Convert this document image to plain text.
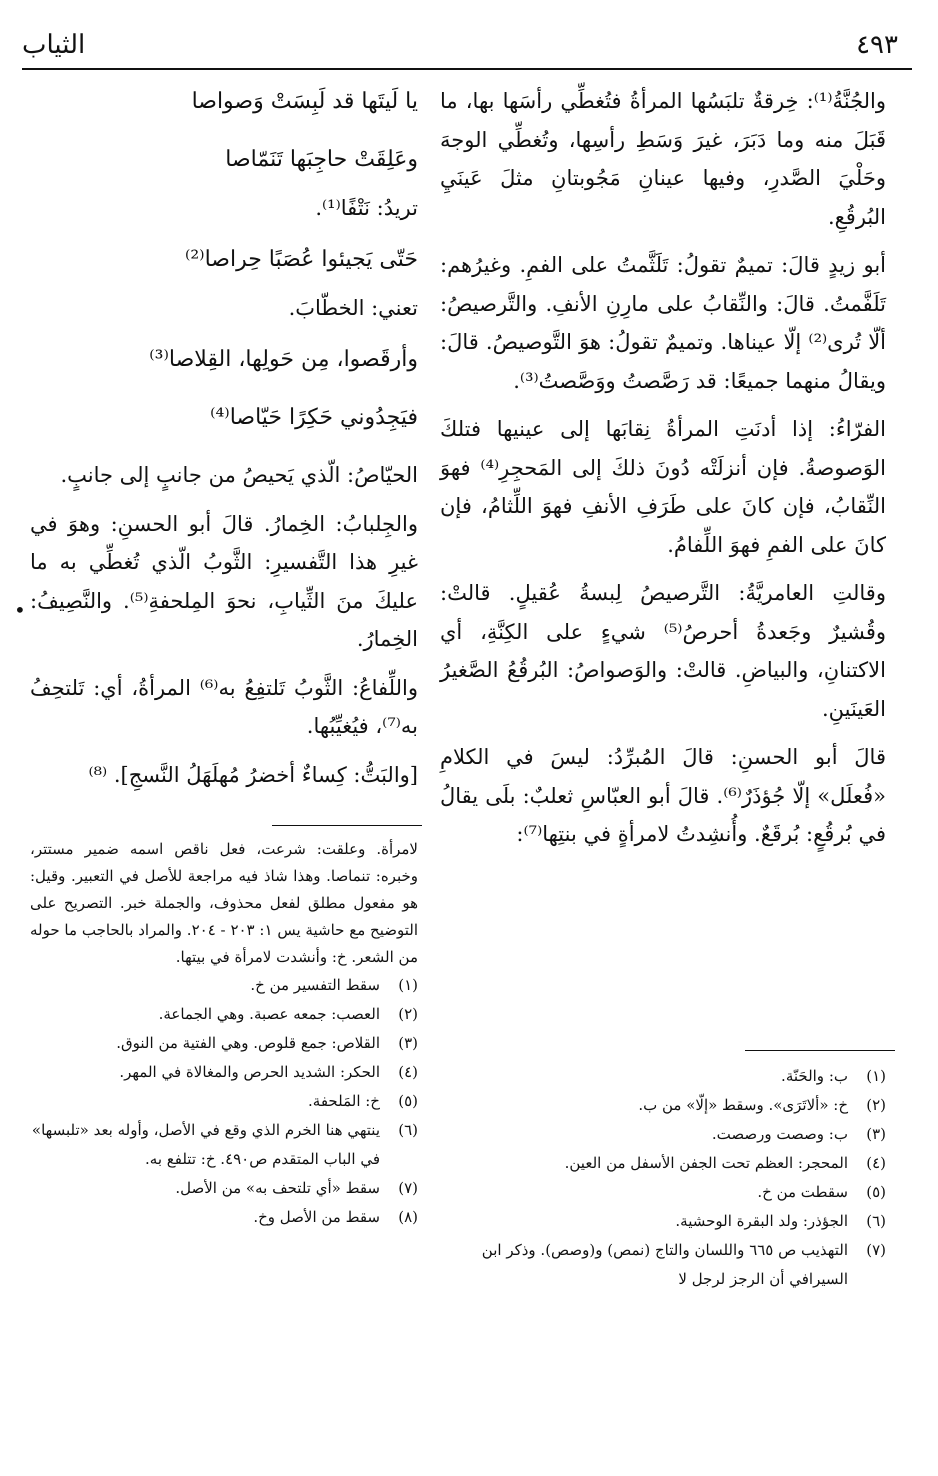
الثياب	٤٩٣

والجُنَّةُ⁽¹⁾: خِرقةٌ تلبَسُها المرأةُ فتُغطِّي رأسَها بها، ما قَبَلَ منه وما دَبَرَ، غيرَ وَسَطِ رأسِها، وتُغطِّي الوجهَ وحَلْيَ الصَّدرِ، وفيها عينانِ مَجُوبتانِ مثلَ عَينَيِ البُرقُعِ.

أبو زيدٍ قالَ: تميمٌ تقولُ: تَلَثَّمتُ على الفمِ. وغيرُهم: تَلَفَّمتُ. قالَ: والنِّقابُ على مارِنِ الأنفِ. والتَّرصيصُ: ألّا تُرى⁽²⁾ إلّا عيناها. وتميمٌ تقولُ: هوَ التَّوصيصُ. قالَ: ويقالُ منهما جميعًا: قد رَصَّصتُ ووَصَّصتُ⁽³⁾.

الفرّاءُ: إذا أدنَتِ المرأةُ نِقابَها إلى عينيها فتلكَ الوَصوصةُ. فإن أنزلَتْه دُونَ ذلكَ إلى المَحجِرِ⁽⁴⁾ فهوَ النِّقابُ، فإن كانَ على طَرَفِ الأنفِ فهوَ اللِّثامُ، فإن كانَ على الفمِ فهوَ اللِّفامُ.

وقالتِ العامريَّةُ: التَّرصيصُ لِبسةُ عُقيلٍ. قالتْ: وقُشيرٌ وجَعدةُ أحرصُ⁽⁵⁾ شيءٍ على الكِنَّةِ، أي الاكتنانِ، والبياضِ. قالتْ: والوَصواصُ: البُرقُعُ الصَّغيرُ العَينَينِ.

قالَ أبو الحسنِ: قالَ المُبرِّدُ: ليسَ في الكلامِ «فُعلَل» إلّا جُؤذَرٌ⁽⁶⁾. قالَ أبو العبّاسِ ثعلبٌ: بلَى يقالُ في بُرقُعٍ: بُرقَعٌ. وأُنشِدتُ لامرأةٍ في بنتِها⁽⁷⁾:

يا لَيتَها قد لَبِسَتْ وَصواصا

وعَلِقَتْ حاجِبَها تَنَمّاصا

تريدُ: نَتْفًا⁽¹⁾.

حَتّى يَجيئوا عُصَبًا حِراصا⁽²⁾

تعني: الخطّابَ.

وأرقَصوا، مِن حَولِها، القِلاصا⁽³⁾

فيَجِدُوني حَكِرًا حَيّاصا⁽⁴⁾

الحيّاصُ: الّذي يَحيصُ من جانبٍ إلى جانبٍ.

والجِلبابُ: الخِمارُ. قالَ أبو الحسنِ: وهوَ في غيرِ هذا التَّفسيرِ: الثَّوبُ الّذي تُغطِّي به ما عليكَ منَ الثِّيابِ، نحوَ المِلحفةِ⁽⁵⁾. والنَّصِيفُ: الخِمارُ.

واللِّفاعُ: الثَّوبُ تَلتفِعُ به⁽⁶⁾ المرأةُ، أي: تَلتحِفُ به⁽⁷⁾، فيُغيِّبُها.

[والبَتُّ: كِساءٌ أخضرُ مُهلَهَلُ النَّسجِ]. ⁽⁸⁾

•
(١)
ب: والحَنّة.
(٢)
خ: «ألاتَرَى». وسقط «إلّا» من ب.
(٣)
ب: وصصت ورصصت.
(٤)
المحجر: العظم تحت الجفن الأسفل من العين.
(٥)
سقطت من خ.
(٦)
الجؤذر: ولد البقرة الوحشية.
(٧)
التهذيب ص ٦٦٥ واللسان والتاج (نمص) و(وصص). وذكر ابن السيرافي أن الرجز لرجل لا
لامرأة. وعلقت: شرعت، فعل ناقص اسمه ضمير مستتر، وخبره: تنماصا. وهذا شاذ فيه مراجعة للأصل في التعبير. وقيل: هو مفعول مطلق لفعل محذوف، والجملة خبر. التصريح على التوضيح مع حاشية يس ١: ٢٠٣ - ٢٠٤. والمراد بالحاجب ما حوله من الشعر. خ: وأنشدت لامرأة في بيتها.
(١)
سقط التفسير من خ.
(٢)
العصب: جمعه عصبة. وهي الجماعة.
(٣)
القلاص: جمع قلوص. وهي الفتية من النوق.
(٤)
الحكر: الشديد الحرص والمغالاة في المهر.
(٥)
خ: المَلحفة.
(٦)
ينتهي هنا الخرم الذي وقع في الأصل، وأوله بعد «تلبسها» في الباب المتقدم ص٤٩٠. خ: تتلفع به.
(٧)
سقط «أي تلتحف به» من الأصل.
(٨)
سقط من الأصل وخ.
